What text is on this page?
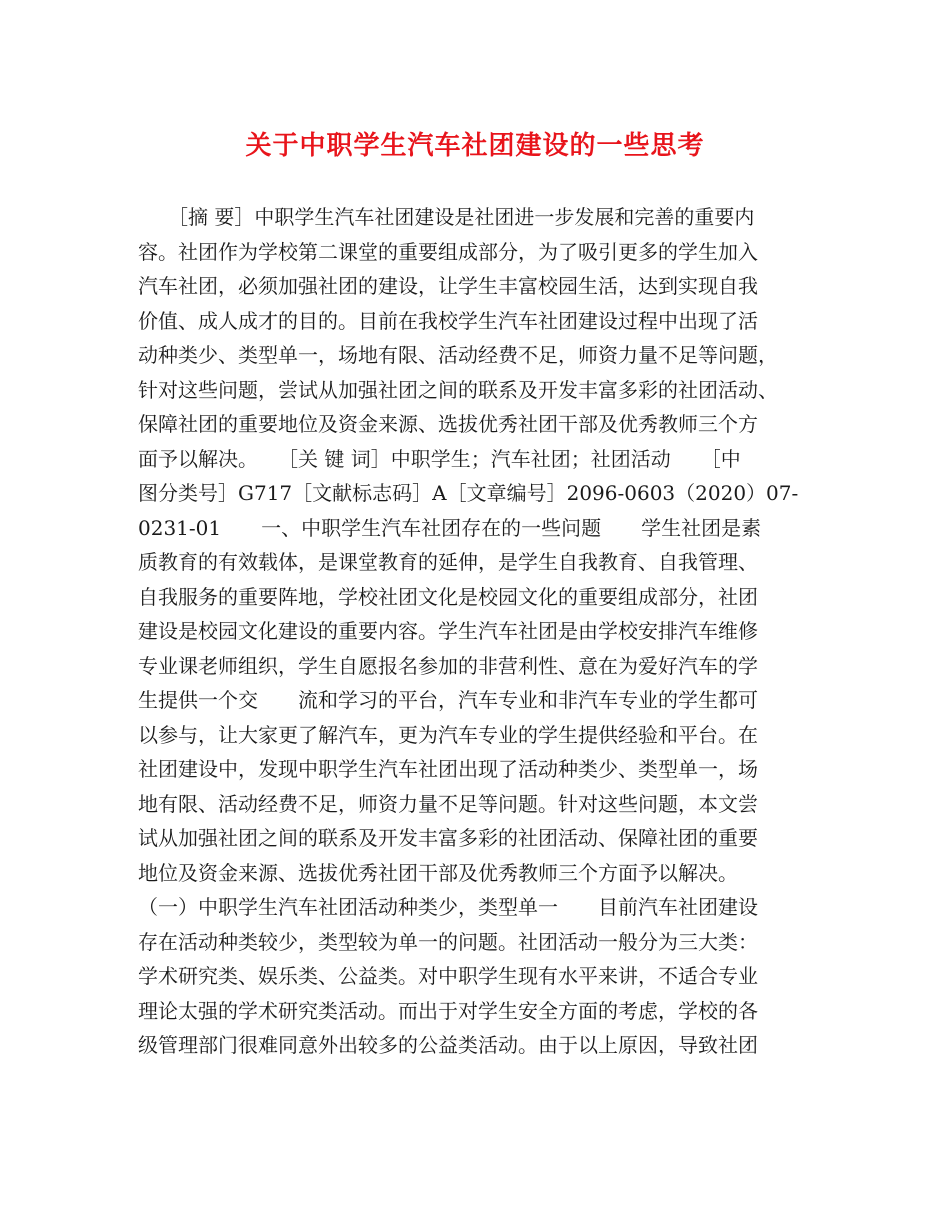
关于中职学生汽车社团建设的一些思考
　　［摘 要］中职学生汽车社团建设是社团进一步发展和完善的重要内
容。社团作为学校第二课堂的重要组成部分，为了吸引更多的学生加入
汽车社团，必须加强社团的建设，让学生丰富校园生活，达到实现自我
价值、成人成才的目的。目前在我校学生汽车社团建设过程中出现了活
动种类少、类型单一，场地有限、活动经费不足，师资力量不足等问题，
针对这些问题，尝试从加强社团之间的联系及开发丰富多彩的社团活动、
保障社团的重要地位及资金来源、选拔优秀社团干部及优秀教师三个方
面予以解决。　　［关 键 词］中职学生；汽车社团；社团活动　　［中
图分类号］G717［文献标志码］A［文章编号］2096-0603（2020）07-
0231-01　　一、中职学生汽车社团存在的一些问题　　学生社团是素
质教育的有效载体，是课堂教育的延伸，是学生自我教育、自我管理、
自我服务的重要阵地，学校社团文化是校园文化的重要组成部分，社团
建设是校园文化建设的重要内容。学生汽车社团是由学校安排汽车维修
专业课老师组织，学生自愿报名参加的非营利性、意在为爱好汽车的学
生提供一个交　　流和学习的平台，汽车专业和非汽车专业的学生都可
以参与，让大家更了解汽车，更为汽车专业的学生提供经验和平台。在
社团建设中，发现中职学生汽车社团出现了活动种类少、类型单一，场
地有限、活动经费不足，师资力量不足等问题。针对这些问题，本文尝
试从加强社团之间的联系及开发丰富多彩的社团活动、保障社团的重要
地位及资金来源、选拔优秀社团干部及优秀教师三个方面予以解决。
（一）中职学生汽车社团活动种类少，类型单一　　目前汽车社团建设
存在活动种类较少，类型较为单一的问题。社团活动一般分为三大类：
学术研究类、娱乐类、公益类。对中职学生现有水平来讲，不适合专业
理论太强的学术研究类活动。而出于对学生安全方面的考虑，学校的各
级管理部门很难同意外出较多的公益类活动。由于以上原因，导致社团
